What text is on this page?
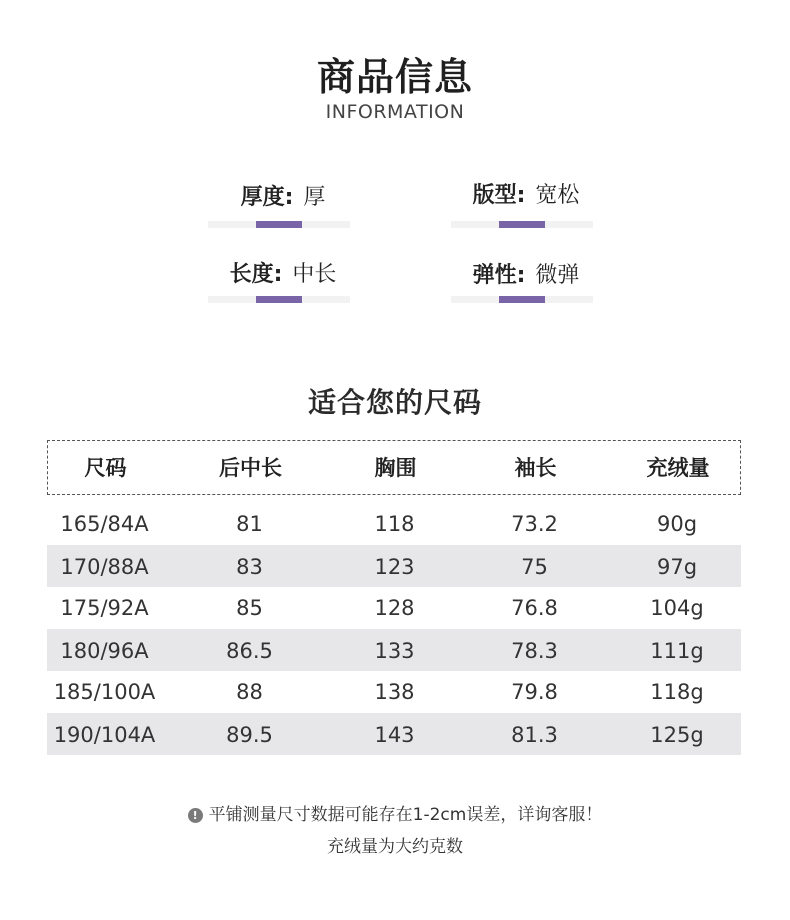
商品信息
INFORMATION
厚度: 厚	版型: 宽松
长度: 中长	弹性: 微弹
适合您的尺码
尺码	后中长	胸围	袖长	充绒量
165/84A	81	118	73.2	90g
170/88A	83	123	75	97g
175/92A	85	128	76.8	104g
180/96A	86.5	133	78.3	111g
185/100A	88	138	79.8	118g
190/104A	89.5	143	81.3	125g
! 平铺测量尺寸数据可能存在1-2cm误差，详询客服！
充绒量为大约克数
